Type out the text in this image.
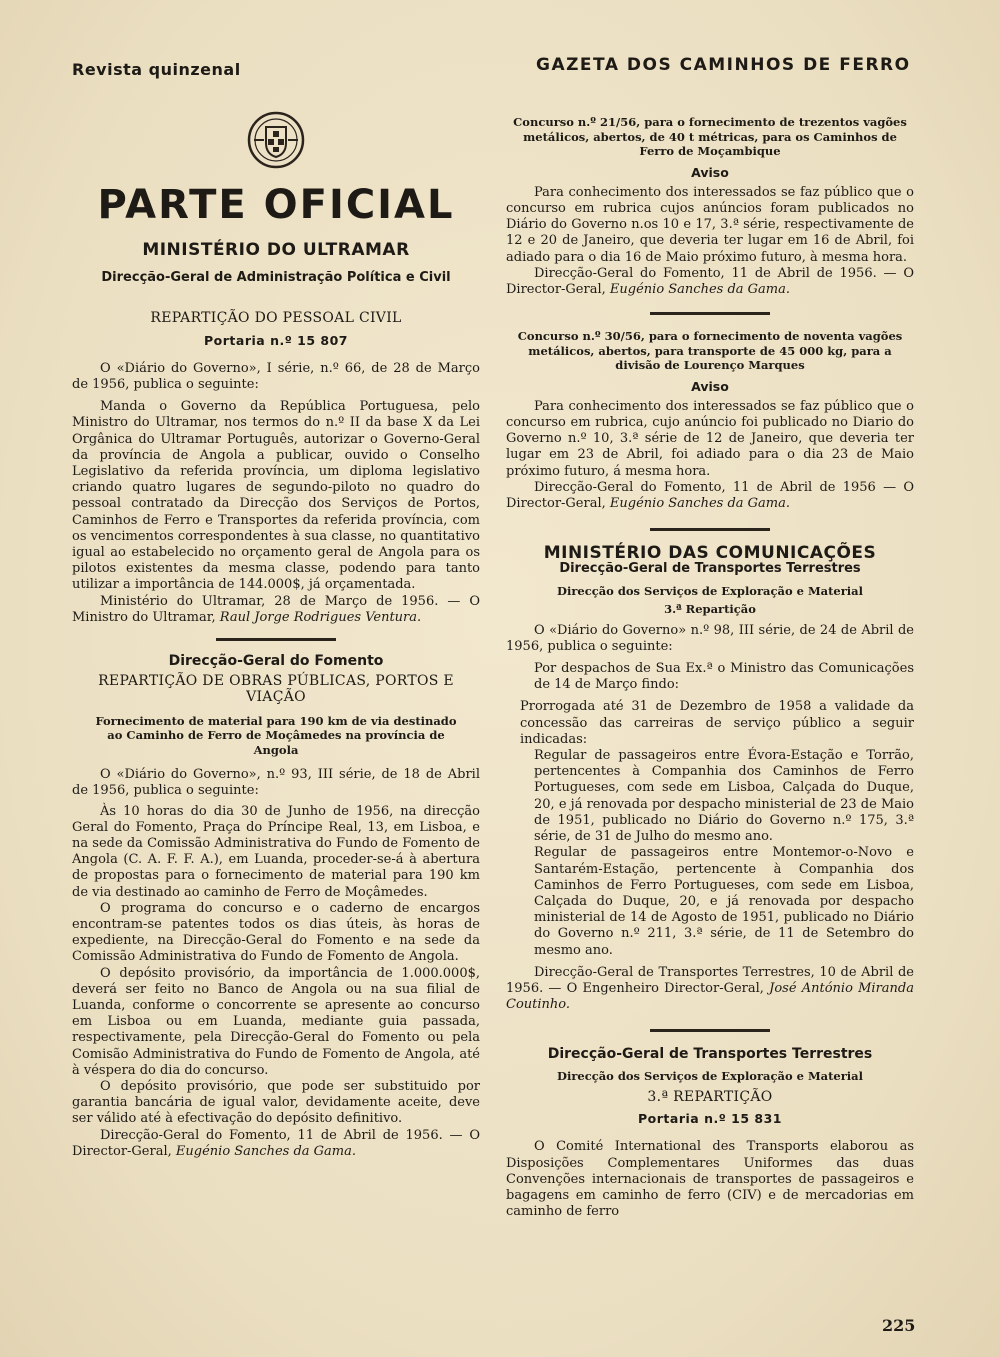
Revista quinzenal	GAZETA DOS CAMINHOS DE FERRO
PARTE OFICIAL
MINISTÉRIO DO ULTRAMAR
Direcção-Geral de Administração Política e Civil
REPARTIÇÃO DO PESSOAL CIVIL
Portaria n.º 15 807

O «Diário do Governo», I série, n.º 66, de 28 de Março de 1956, publica o seguinte:

Manda o Governo da República Portuguesa, pelo Ministro do Ultramar, nos termos do n.º II da base X da Lei Orgânica do Ultramar Português, autorizar o Governo-Geral da província de Angola a publicar, ouvido o Conselho Legislativo da referida província, um diploma legislativo criando quatro lugares de segundo-piloto no quadro do pessoal contratado da Direcção dos Serviços de Portos, Caminhos de Ferro e Transportes da referida província, com os vencimentos correspondentes à sua classe, no quantitativo igual ao estabelecido no orçamento geral de Angola para os pilotos existentes da mesma classe, podendo para tanto utilizar a importância de 144.000$, já orçamentada.

Ministério do Ultramar, 28 de Março de 1956. — O Ministro do Ultramar, Raul Jorge Rodrigues Ventura.

Direcção-Geral do Fomento
REPARTIÇÃO DE OBRAS PÚBLICAS, PORTOS E VIAÇÃO
Fornecimento de material para 190 km de via destinado ao Caminho de Ferro de Moçâmedes na província de Angola

O «Diário do Governo», n.º 93, III série, de 18 de Abril de 1956, publica o seguinte:

Às 10 horas do dia 30 de Junho de 1956, na direcção Geral do Fomento, Praça do Príncipe Real, 13, em Lisboa, e na sede da Comissão Administrativa do Fundo de Fomento de Angola (C. A. F. F. A.), em Luanda, proceder-se-á à abertura de propostas para o fornecimento de material para 190 km de via destinado ao caminho de Ferro de Moçâmedes.

O programa do concurso e o caderno de encargos encontram-se patentes todos os dias úteis, às horas de expediente, na Direcção-Geral do Fomento e na sede da Comissão Administrativa do Fundo de Fomento de Angola.

O depósito provisório, da importância de 1.000.000$, deverá ser feito no Banco de Angola ou na sua filial de Luanda, conforme o concorrente se apresente ao concurso em Lisboa ou em Luanda, mediante guia passada, respectivamente, pela Direcção-Geral do Fomento ou pela Comisão Administrativa do Fundo de Fomento de Angola, até à véspera do dia do concurso.

O depósito provisório, que pode ser substituido por garantia bancária de igual valor, devidamente aceite, deve ser válido até à efectivação do depósito definitivo.

Direcção-Geral do Fomento, 11 de Abril de 1956. — O Director-Geral, Eugénio Sanches da Gama.

Concurso n.º 21/56, para o fornecimento de trezentos vagões metálicos, abertos, de 40 t métricas, para os Caminhos de Ferro de Moçambique
Aviso

Para conhecimento dos interessados se faz público que o concurso em rubrica cujos anúncios foram publicados no Diário do Governo n.os 10 e 17, 3.ª série, respectivamente de 12 e 20 de Janeiro, que deveria ter lugar em 16 de Abril, foi adiado para o dia 16 de Maio próximo futuro, à mesma hora.

Direcção-Geral do Fomento, 11 de Abril de 1956. — O Director-Geral, Eugénio Sanches da Gama.

Concurso n.º 30/56, para o fornecimento de noventa vagões metálicos, abertos, para transporte de 45 000 kg, para a divisão de Lourenço Marques
Aviso

Para conhecimento dos interessados se faz público que o concurso em rubrica, cujo anúncio foi publicado no Diario do Governo n.º 10, 3.ª série de 12 de Janeiro, que deveria ter lugar em 23 de Abril, foi adiado para o dia 23 de Maio próximo futuro, á mesma hora.

Direcção-Geral do Fomento, 11 de Abril de 1956 — O Director-Geral, Eugénio Sanches da Gama.

MINISTÉRIO DAS COMUNICAÇÕES
Direcção-Geral de Transportes Terrestres
Direcção dos Serviços de Exploração e Material
3.ª Repartição

O «Diário do Governo» n.º 98, III série, de 24 de Abril de 1956, publica o seguinte:

Por despachos de Sua Ex.ª o Ministro das Comunicações de 14 de Março findo:

Prorrogada até 31 de Dezembro de 1958 a validade da concessão das carreiras de serviço público a seguir indicadas:

Regular de passageiros entre Évora-Estação e Torrão, pertencentes à Companhia dos Caminhos de Ferro Portugueses, com sede em Lisboa, Calçada do Duque, 20, e já renovada por despacho ministerial de 23 de Maio de 1951, publicado no Diário do Governo n.º 175, 3.ª série, de 31 de Julho do mesmo ano.

Regular de passageiros entre Montemor-o-Novo e Santarém-Estação, pertencente à Companhia dos Caminhos de Ferro Portugueses, com sede em Lisboa, Calçada do Duque, 20, e já renovada por despacho ministerial de 14 de Agosto de 1951, publicado no Diário do Governo n.º 211, 3.ª série, de 11 de Setembro do mesmo ano.

Direcção-Geral de Transportes Terrestres, 10 de Abril de 1956. — O Engenheiro Director-Geral, José António Miranda Coutinho.

Direcção-Geral de Transportes Terrestres
Direcção dos Serviços de Exploração e Material
3.ª REPARTIÇÃO
Portaria n.º 15 831

O Comité International des Transports elaborou as Disposições Complementares Uniformes das duas Convenções internacionais de transportes de passageiros e bagagens em caminho de ferro (CIV) e de mercadorias em caminho de ferro

225
